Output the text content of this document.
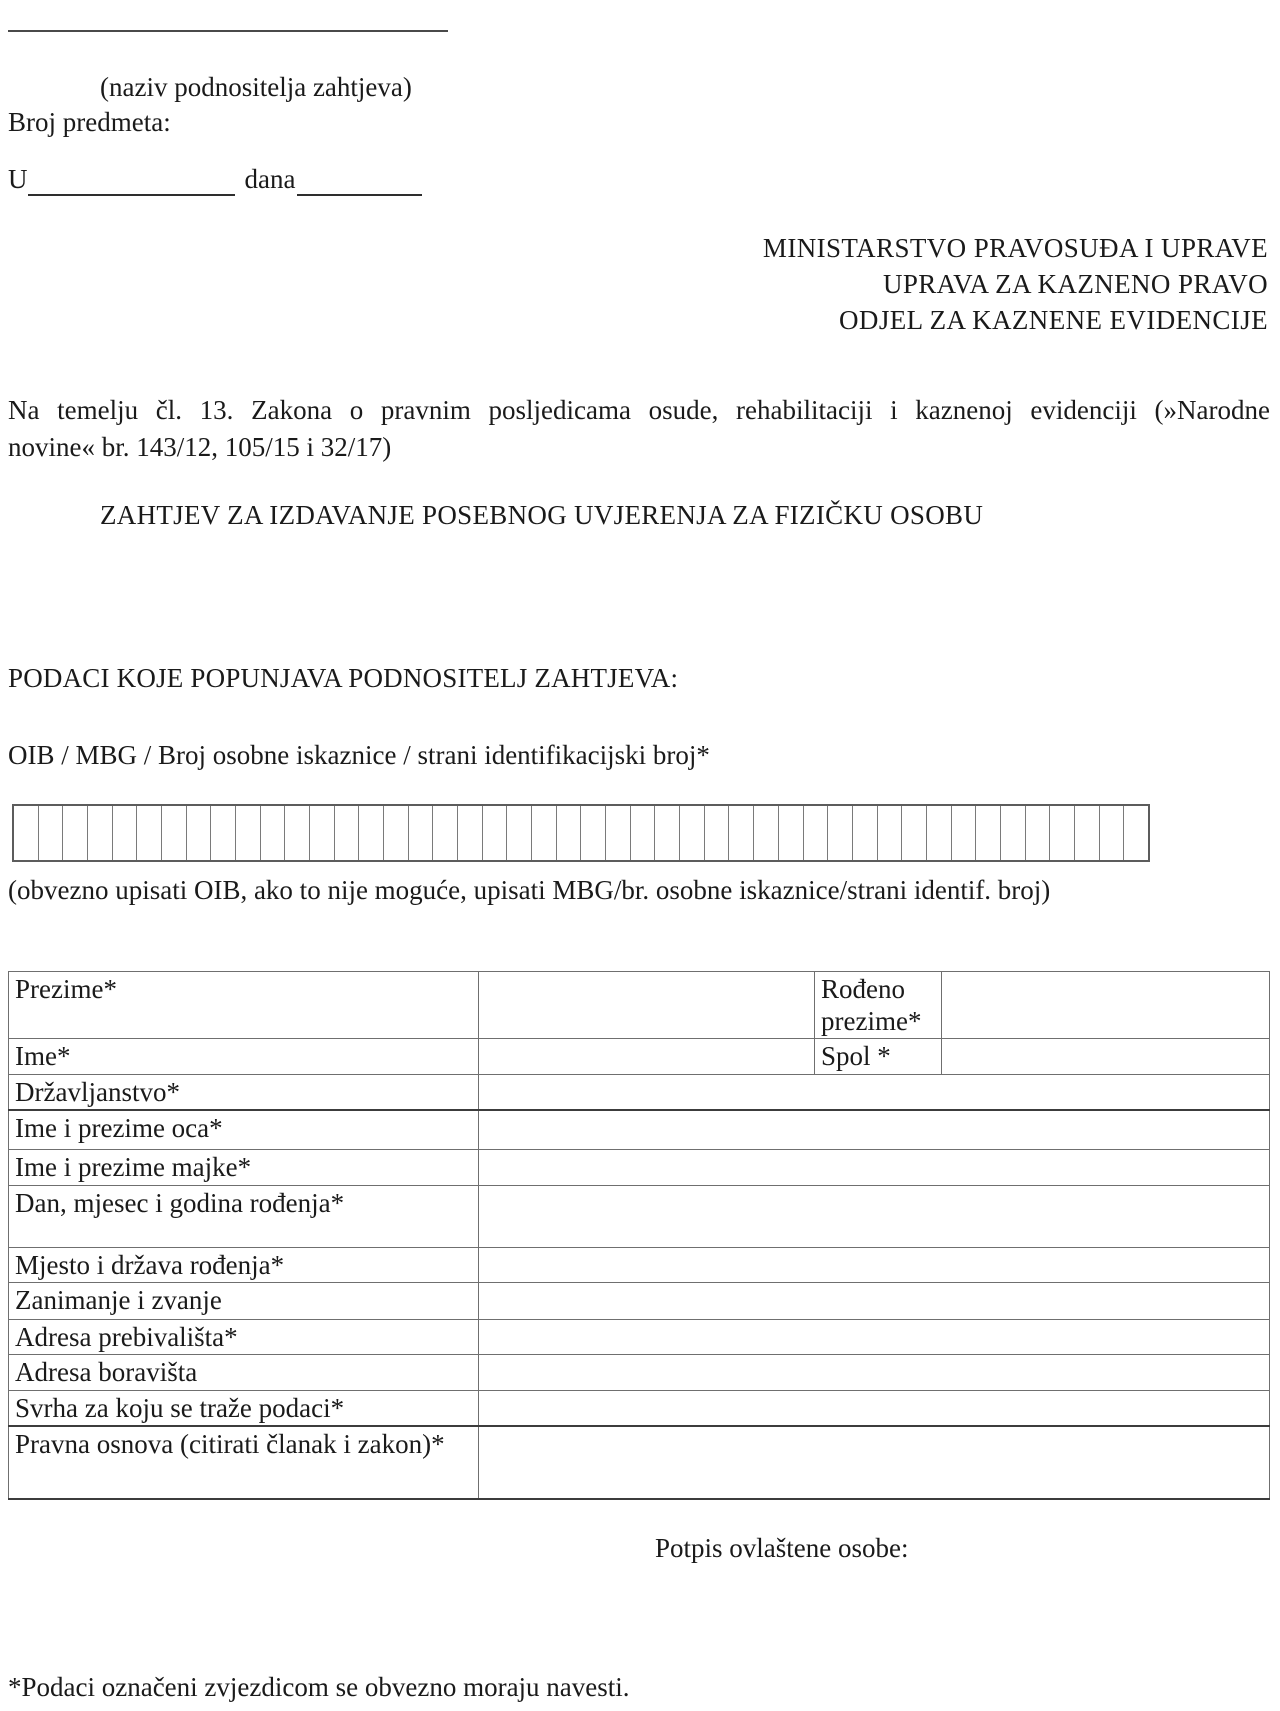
(naziv podnositelja zahtjeva)
Broj predmeta:
U	dana
MINISTARSTVO PRAVOSUĐA I UPRAVE
UPRAVA ZA KAZNENO PRAVO
ODJEL ZA KAZNENE EVIDENCIJE
Na temelju čl. 13. Zakona o pravnim posljedicama osude, rehabilitaciji i kaznenoj evidenciji (»Narodne
novine« br. 143/12, 105/15 i 32/17)
ZAHTJEV ZA IZDAVANJE POSEBNOG UVJERENJA ZA FIZIČKU OSOBU
PODACI KOJE POPUNJAVA PODNOSITELJ ZAHTJEVA:
OIB / MBG / Broj osobne iskaznice / strani identifikacijski broj*
(obvezno upisati OIB, ako to nije moguće, upisati MBG/br. osobne iskaznice/strani identif. broj)
Prezime*		Rođeno prezime*	
Ime*		Spol *	
Državljanstvo*			
Ime i prezime oca*			
Ime i prezime majke*			
Dan, mjesec i godina rođenja*			
Mjesto i država rođenja*			
Zanimanje i zvanje			
Adresa prebivališta*			
Adresa boravišta			
Svrha za koju se traže podaci*			
Pravna osnova (citirati članak i zakon)*			
Potpis ovlaštene osobe:
*Podaci označeni zvjezdicom se obvezno moraju navesti.
